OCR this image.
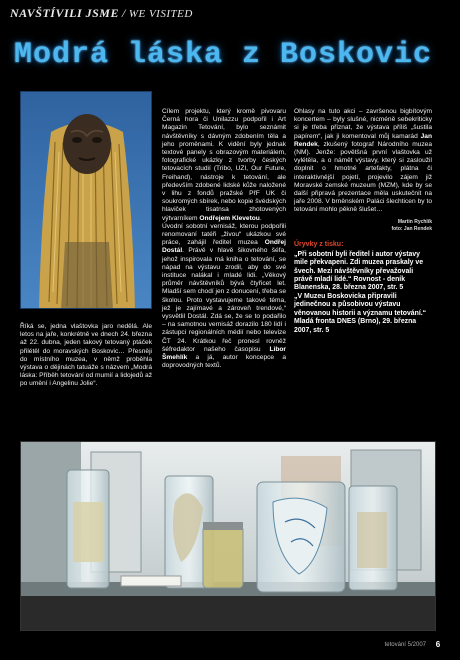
NAVŠTÍVILI JSME / WE VISITED
Modrá láska z Boskovic

Říká se, jedna vlaštovka jaro nedělá. Ale letos na jaře, konkrétně ve dnech 24. března až 22. dubna, jeden takový tetovaný ptáček přilétěl do moravských Boskovic… Přesněji do místního muzea, v němž proběhla výstava o dějinách tatuáže s názvem „Modrá láska: Příběh tetování od mumií a lidojedů až po umění i Angelinu Jolie“.

Cílem projektu, který kromě pivovaru Černá hora či Unilazzu podpořil i Art Magazin Tetování, bylo seznámit návštěvníky s dávným zdobením těla a jeho proměnami. K vidění byly jednak textové panely s obrazovým materiálem, fotografické ukázky z tvorby českých tetovacích studií (Tribo, UZI, Our Future, Freihand), nástroje k tetování, ale především zdobené lidské kůže naložené v lihu z fondů pražské PřF UK či soukromých sbírek, nebo kopie švédských hlaviček tisatnsa zhotovených výtvarníkem Ondřejem Klevetou.

Úvodní sobotní vernisáž, kterou podpořili renomovaní tatéři „živou“ ukázkou své práce, zahájil ředitel muzea Ondřej Dostál. Právě v hlavě šikovného šéfa, jehož inspirovala má kniha o tetování, se nápad na výstavu zrodil, aby do své instituce nalákal i mladé lidi. „Věkový průměr návštěvníků bývá čtyřicet let. Mladší sem chodí jen z donucení, třeba se školou. Proto vystavujeme takové téma, jež je zajímavé a zároveň trendové,“ vysvětlil Dostál. Zdá se, že se to podařilo – na samotnou vernisáž dorazilo 180 lidí i zástupci regionálních médií nebo televize ČT 24. Krátkou řeč pronesl rovněž šéfredaktor našeho časopisu Libor Šmehlík a já, autor koncepce a doprovodných textů.

Ohlasy na tuto akci – završenou bigbítovým koncertem – byly slušné, nicméně sebekriticky si je třeba přiznat, že výstava příliš „šustila papírem“, jak ji komentoval můj kamarád Jan Rendek, zkušený fotograf Národního muzea (NM). Jenže: povětšná první vlaštovka už vylétěla, a o námět výstavy, který si zasloužil doplnit o hmotné artefakty, plátna či interaktivnější pojetí, projevilo zájem již Moravské zemské muzeum (MZM), kde by se další připravá prezentace měla uskutečnit na jaře 2008. V brněnském Paláci šlechticen by to tetování mohlo pěkně šlušet…

Martin Rychlík
foto: Jan Rendek
Úryvky z tisku:

„Při sobotní byli ředitel i autor výstavy mile překvapeni. Zdi muzea praskaly ve švech. Mezi návštěvníky převažovali právě mladí lidé.“ Rovnost - deník Blanenska, 28. března 2007, str. 5

„V Muzeu Boskovicka připravili jedinečnou a působivou výstavu věnovanou historii a významu tetování.“ Mladá fronta DNES (Brno), 29. března 2007, str. 5

tetování 5/2007	6
